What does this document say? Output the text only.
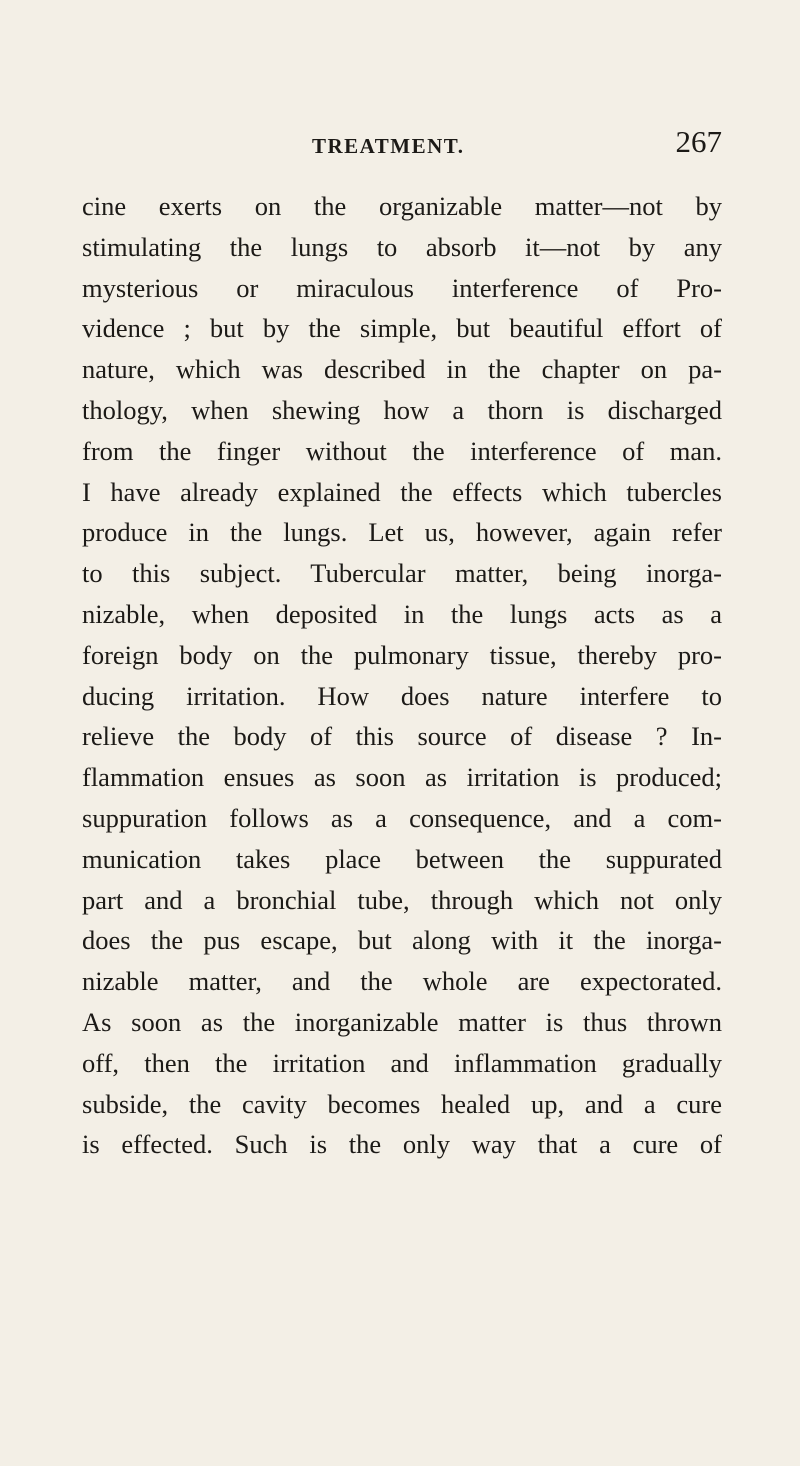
TREATMENT.	267
cine exerts on the organizable matter—not by
stimulating the lungs to absorb it—not by any
mysterious or miraculous interference of Pro-
vidence ; but by the simple, but beautiful effort of
nature, which was described in the chapter on pa-
thology, when shewing how a thorn is discharged
from the finger without the interference of man.
I have already explained the effects which tubercles
produce in the lungs. Let us, however, again refer
to this subject. Tubercular matter, being inorga-
nizable, when deposited in the lungs acts as a
foreign body on the pulmonary tissue, thereby pro-
ducing irritation. How does nature interfere to
relieve the body of this source of disease ? In-
flammation ensues as soon as irritation is produced;
suppuration follows as a consequence, and a com-
munication takes place between the suppurated
part and a bronchial tube, through which not only
does the pus escape, but along with it the inorga-
nizable matter, and the whole are expectorated.
As soon as the inorganizable matter is thus thrown
off, then the irritation and inflammation gradually
subside, the cavity becomes healed up, and a cure
is effected. Such is the only way that a cure of
